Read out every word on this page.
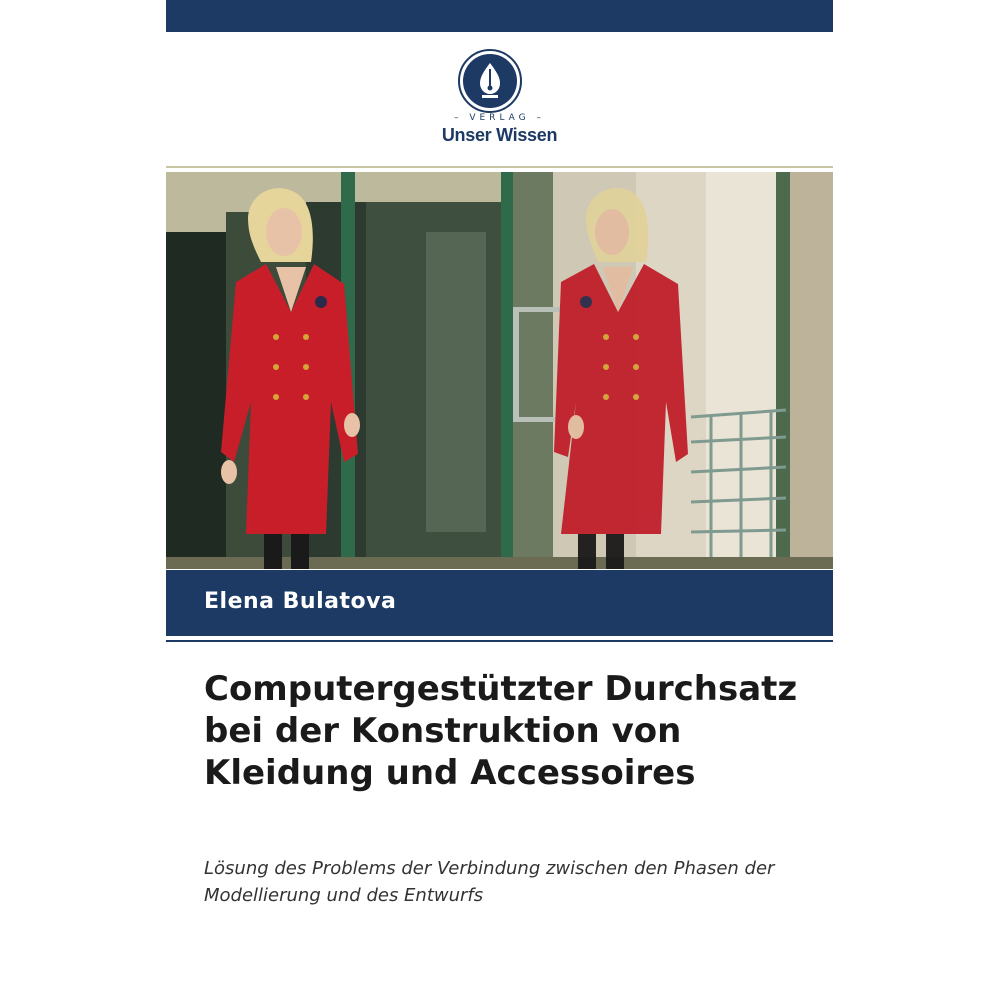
– VERLAG –
Unser Wissen
Elena Bulatova
Computergestützter Durchsatz bei der Konstruktion von Kleidung und Accessoires

Lösung des Problems der Verbindung zwischen den Phasen der Modellierung und des Entwurfs
